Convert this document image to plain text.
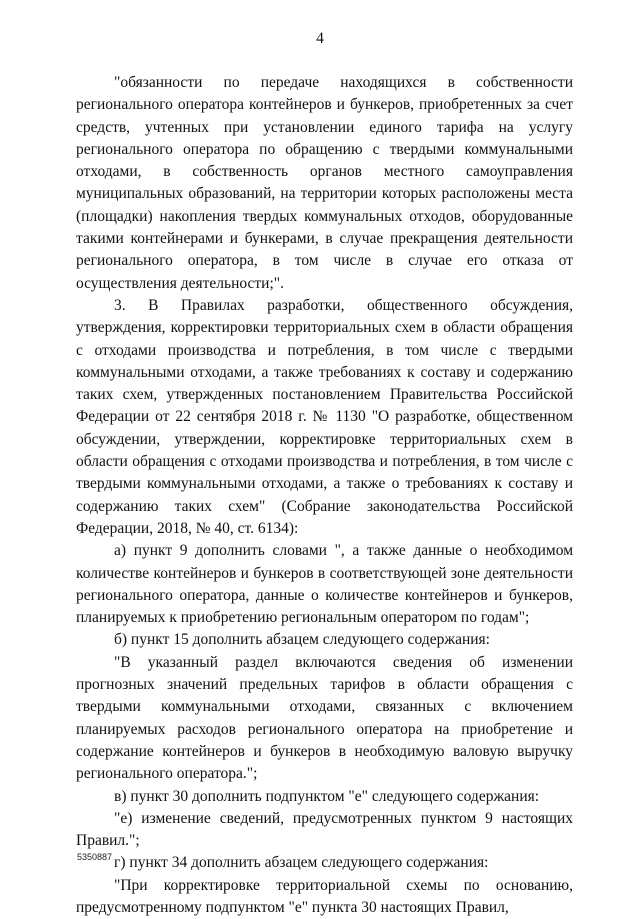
4

"обязанности по передаче находящихся в собственности регионального оператора контейнеров и бункеров, приобретенных за счет средств, учтенных при установлении единого тарифа на услугу регионального оператора по обращению с твердыми коммунальными отходами, в собственность органов местного самоуправления муниципальных образований, на территории которых расположены места (площадки) накопления твердых коммунальных отходов, оборудованные такими контейнерами и бункерами, в случае прекращения деятельности регионального оператора, в том числе в случае его отказа от осуществления деятельности;".

3. В Правилах разработки, общественного обсуждения, утверждения, корректировки территориальных схем в области обращения с отходами производства и потребления, в том числе с твердыми коммунальными отходами, а также требованиях к составу и содержанию таких схем, утвержденных постановлением Правительства Российской Федерации от 22 сентября 2018 г. № 1130 "О разработке, общественном обсуждении, утверждении, корректировке территориальных схем в области обращения с отходами производства и потребления, в том числе с твердыми коммунальными отходами, а также о требованиях к составу и содержанию таких схем" (Собрание законодательства Российской Федерации, 2018, № 40, ст. 6134):

а) пункт 9 дополнить словами ", а также данные о необходимом количестве контейнеров и бункеров в соответствующей зоне деятельности регионального оператора, данные о количестве контейнеров и бункеров, планируемых к приобретению региональным оператором по годам";

б) пункт 15 дополнить абзацем следующего содержания:

"В указанный раздел включаются сведения об изменении прогнозных значений предельных тарифов в области обращения с твердыми коммунальными отходами, связанных с включением планируемых расходов регионального оператора на приобретение и содержание контейнеров и бункеров в необходимую валовую выручку регионального оператора.";

в) пункт 30 дополнить подпунктом "е" следующего содержания:

"е) изменение сведений, предусмотренных пунктом 9 настоящих Правил.";

г) пункт 34 дополнить абзацем следующего содержания:

"При корректировке территориальной схемы по основанию, предусмотренному подпунктом "е" пункта 30 настоящих Правил,

5350887
